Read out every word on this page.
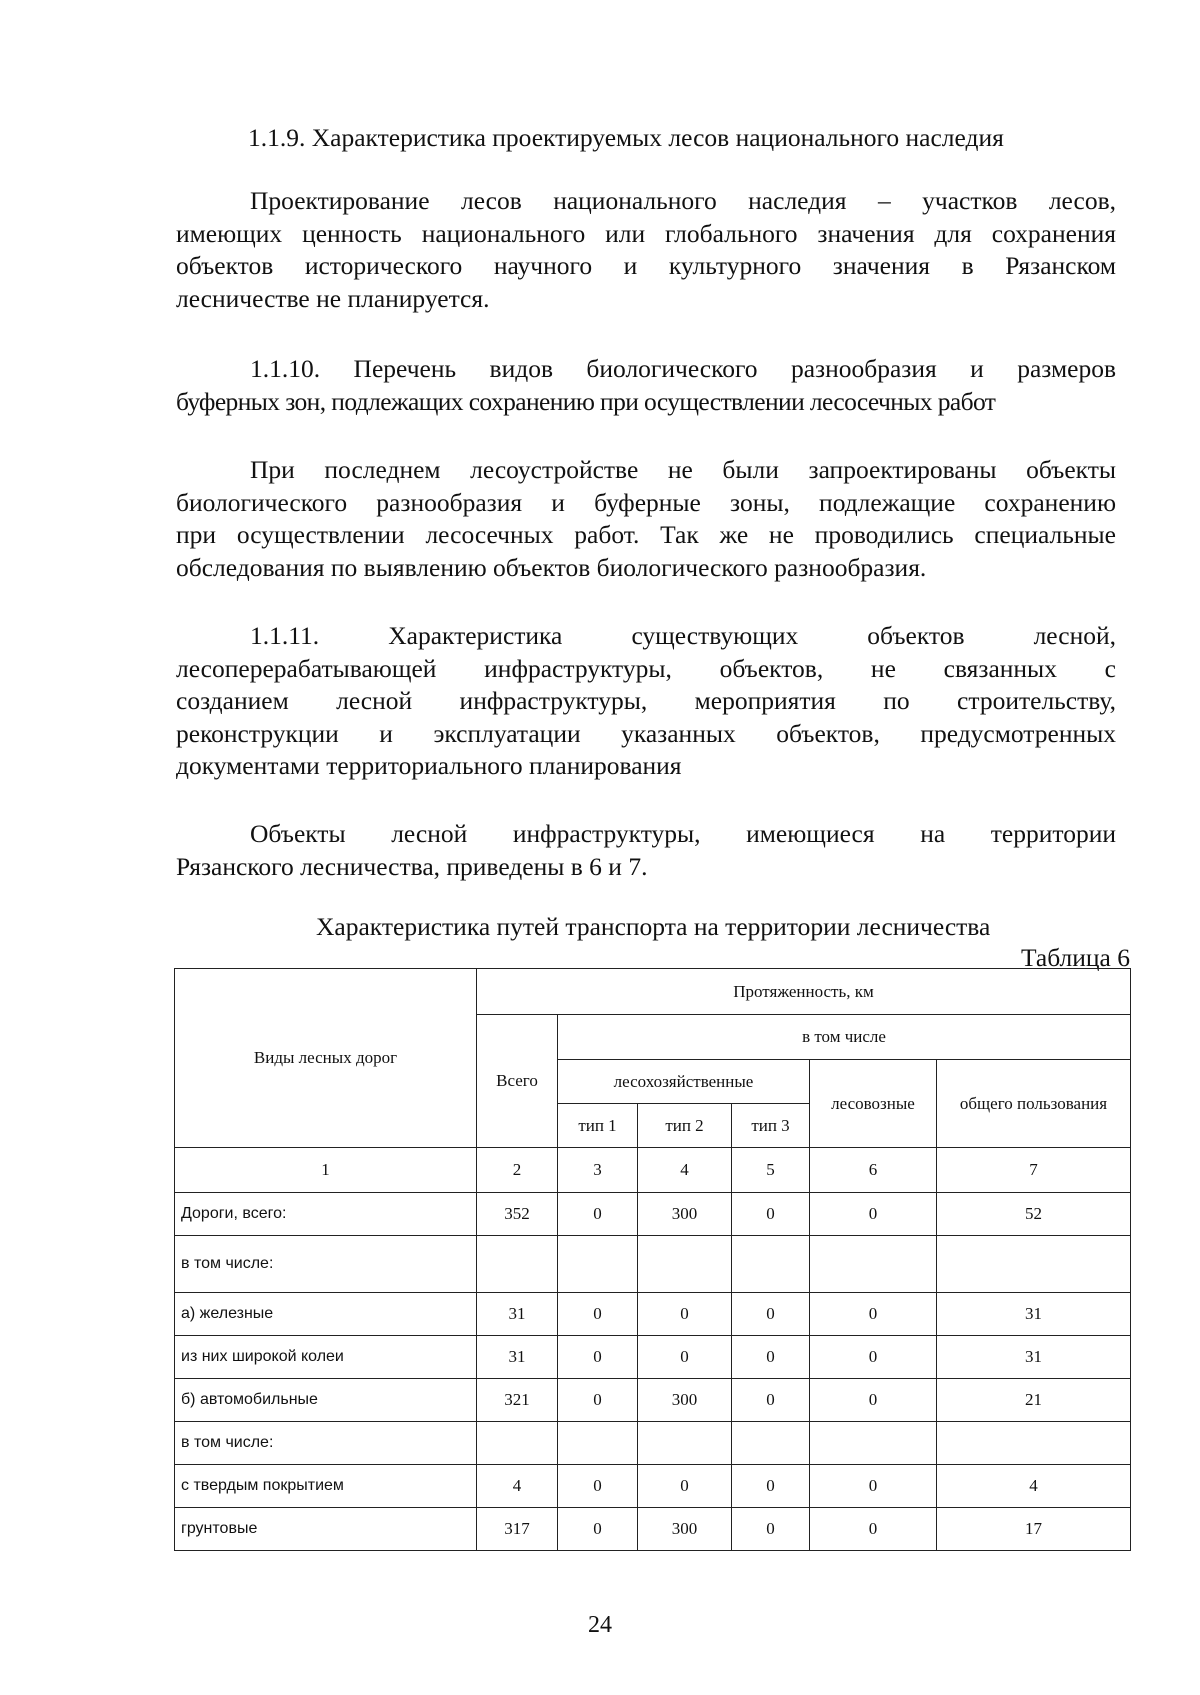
1.1.9. Характеристика проектируемых лесов национального наследия
Проектирование лесов национального наследия – участков лесов,
имеющих ценность национального или глобального значения для сохранения
объектов исторического научного и культурного значения в Рязанском
лесничестве не планируется.
1.1.10. Перечень видов биологического разнообразия и размеров
буферных зон, подлежащих сохранению при осуществлении лесосечных работ
При последнем лесоустройстве не были запроектированы объекты
биологического разнообразия и буферные зоны, подлежащие сохранению
при осуществлении лесосечных работ. Так же не проводились специальные
обследования по выявлению объектов биологического разнообразия.
1.1.11. Характеристика существующих объектов лесной,
лесоперерабатывающей инфраструктуры, объектов, не связанных с
созданием лесной инфраструктуры, мероприятия по строительству,
реконструкции и эксплуатации указанных объектов, предусмотренных
документами территориального планирования
Объекты лесной инфраструктуры, имеющиеся на территории
Рязанского лесничества, приведены в 6 и 7.
Характеристика путей транспорта на территории лесничества
Таблица 6
Виды лесных дорог	Протяженность, км					
	Всего	в том числе				
		лесохозяйственные			лесовозные	общего пользования
		тип 1	тип 2	тип 3		
1	2	3	4	5	6	7
Дороги, всего:	352	0	300	0	0	52
в том числе:						
а) железные	31	0	0	0	0	31
из них широкой колеи	31	0	0	0	0	31
б) автомобильные	321	0	300	0	0	21
в том числе:						
с твердым покрытием	4	0	0	0	0	4
грунтовые	317	0	300	0	0	17
24
